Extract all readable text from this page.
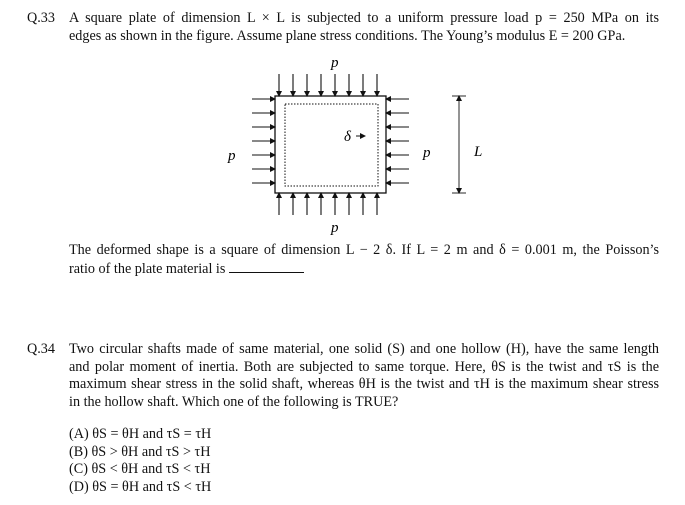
Q.33 A square plate of dimension L × L is subjected to a uniform pressure load p = 250 MPa on its
edges as shown in the figure. Assume plane stress conditions. The Young’s modulus E = 200 GPa.
p
p
p	p
δ
L
The deformed shape is a square of dimension L − 2 δ. If L = 2 m and δ = 0.001 m, the Poisson’s
ratio of the plate material is
Q.34 Two circular shafts made of same material, one solid (S) and one hollow (H), have the same length
and polar moment of inertia. Both are subjected to same torque. Here, θS is the twist and τS is the
maximum shear stress in the solid shaft, whereas θH is the twist and τH is the maximum shear stress
in the hollow shaft. Which one of the following is TRUE?
(A) θS = θH and τS = τH
(B) θS > θH and τS > τH
(C) θS < θH and τS < τH
(D) θS = θH and τS < τH
